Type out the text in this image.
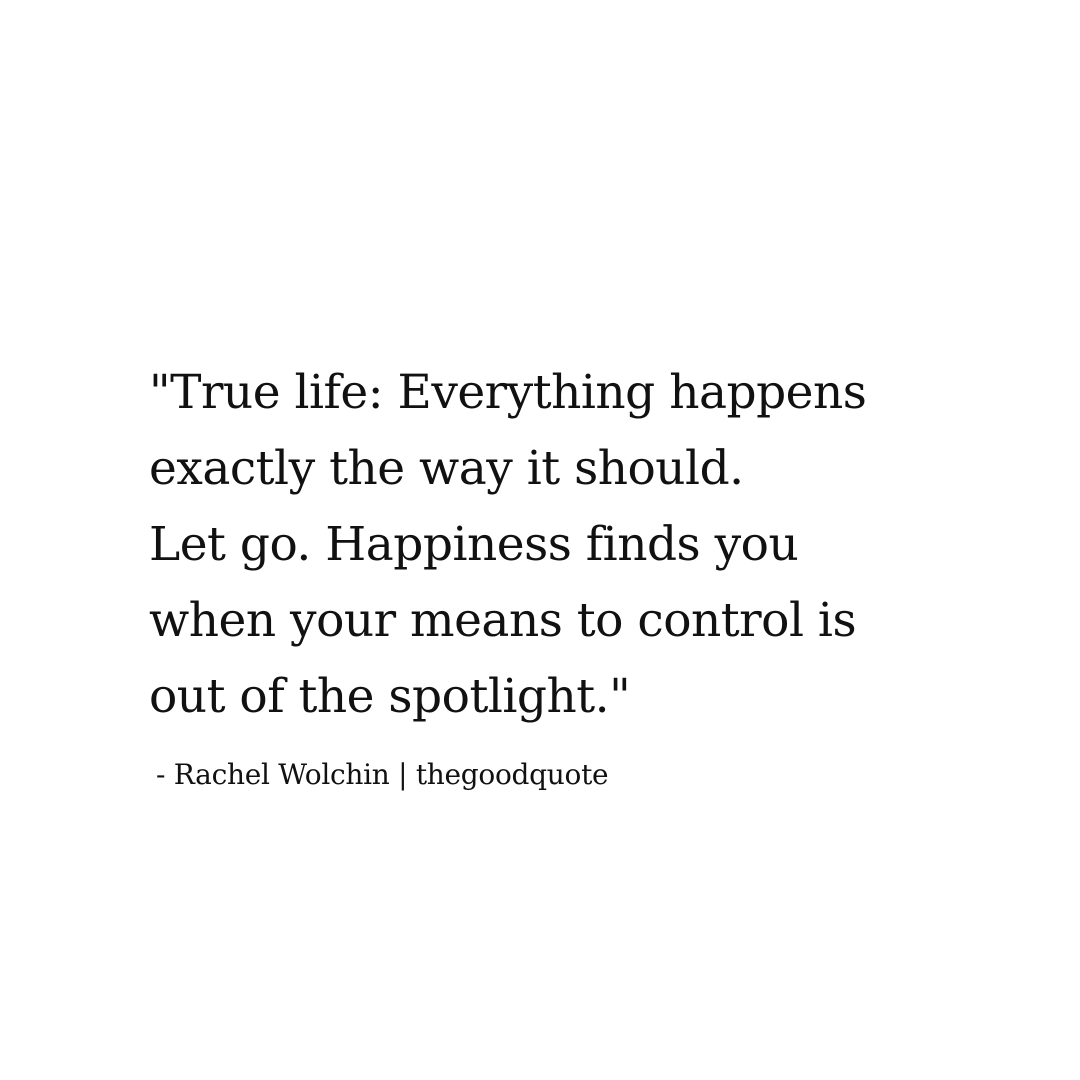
"True life: Everything happens
exactly the way it should.
Let go. Happiness finds you
when your means to control is
out of the spotlight."
- Rachel Wolchin | thegoodquote
